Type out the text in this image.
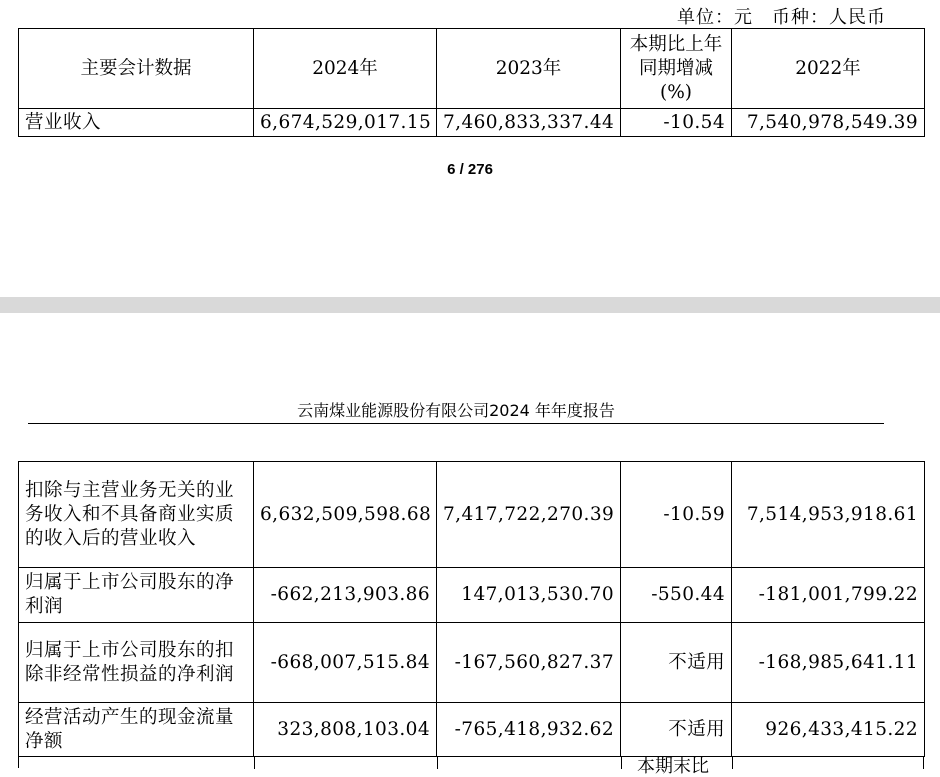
单位：元　币种：人民币
主要会计数据	2024年	2023年	本期比上年同期增减(%)	2022年
营业收入	6,674,529,017.15	7,460,833,337.44	-10.54	7,540,978,549.39
6 / 276
云南煤业能源股份有限公司2024 年年度报告
扣除与主营业务无关的业务收入和不具备商业实质的收入后的营业收入	6,632,509,598.68	7,417,722,270.39	-10.59	7,514,953,918.61
归属于上市公司股东的净利润	-662,213,903.86	147,013,530.70	-550.44	-181,001,799.22
归属于上市公司股东的扣除非经常性损益的净利润	-668,007,515.84	-167,560,827.37	不适用	-168,985,641.11
经营活动产生的现金流量净额	323,808,103.04	-765,418,932.62	不适用	926,433,415.22
本期末比
